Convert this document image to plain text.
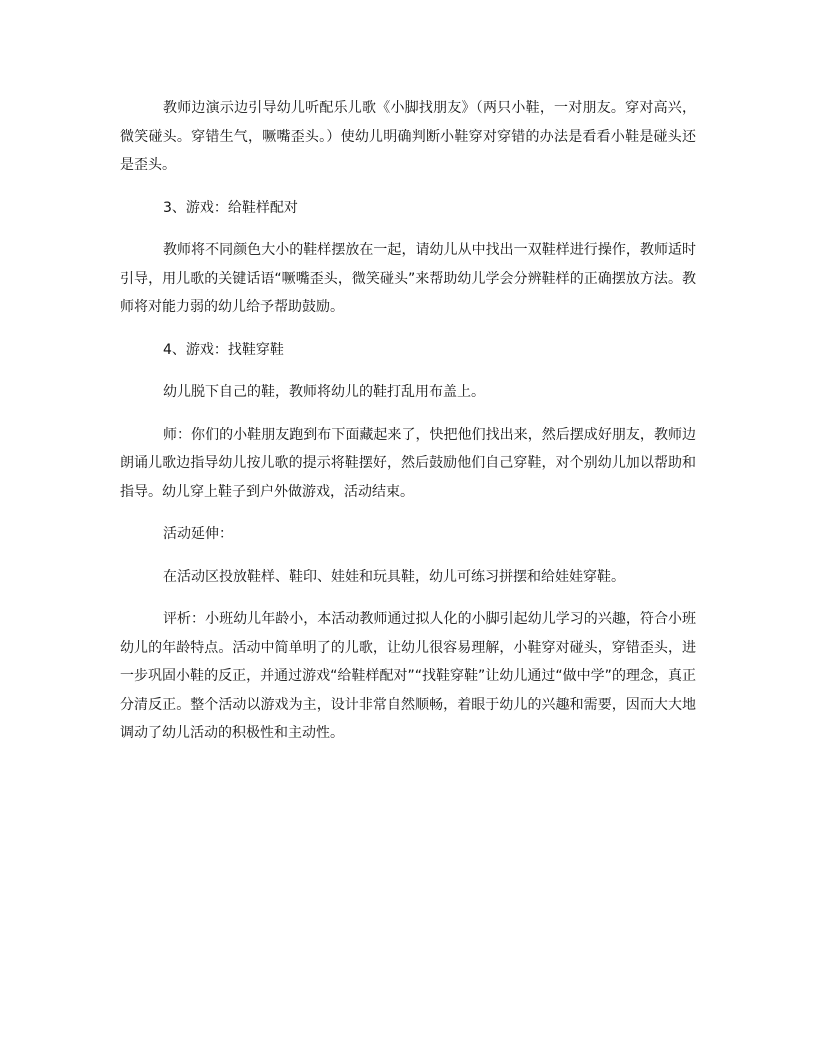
教师边演示边引导幼儿听配乐儿歌《小脚找朋友》（两只小鞋，一对朋友。穿对高兴，微笑碰头。穿错生气，噘嘴歪头。）使幼儿明确判断小鞋穿对穿错的办法是看看小鞋是碰头还是歪头。

3、游戏：给鞋样配对

教师将不同颜色大小的鞋样摆放在一起，请幼儿从中找出一双鞋样进行操作，教师适时引导，用儿歌的关键话语“噘嘴歪头，微笑碰头”来帮助幼儿学会分辨鞋样的正确摆放方法。教师将对能力弱的幼儿给予帮助鼓励。

4、游戏：找鞋穿鞋

幼儿脱下自己的鞋，教师将幼儿的鞋打乱用布盖上。

师：你们的小鞋朋友跑到布下面藏起来了，快把他们找出来，然后摆成好朋友，教师边朗诵儿歌边指导幼儿按儿歌的提示将鞋摆好，然后鼓励他们自己穿鞋，对个别幼儿加以帮助和指导。幼儿穿上鞋子到户外做游戏，活动结束。

活动延伸：

在活动区投放鞋样、鞋印、娃娃和玩具鞋，幼儿可练习拼摆和给娃娃穿鞋。

评析：小班幼儿年龄小，本活动教师通过拟人化的小脚引起幼儿学习的兴趣，符合小班幼儿的年龄特点。活动中简单明了的儿歌，让幼儿很容易理解，小鞋穿对碰头，穿错歪头，进一步巩固小鞋的反正，并通过游戏“给鞋样配对”“找鞋穿鞋”让幼儿通过“做中学”的理念，真正分清反正。整个活动以游戏为主，设计非常自然顺畅，着眼于幼儿的兴趣和需要，因而大大地调动了幼儿活动的积极性和主动性。
